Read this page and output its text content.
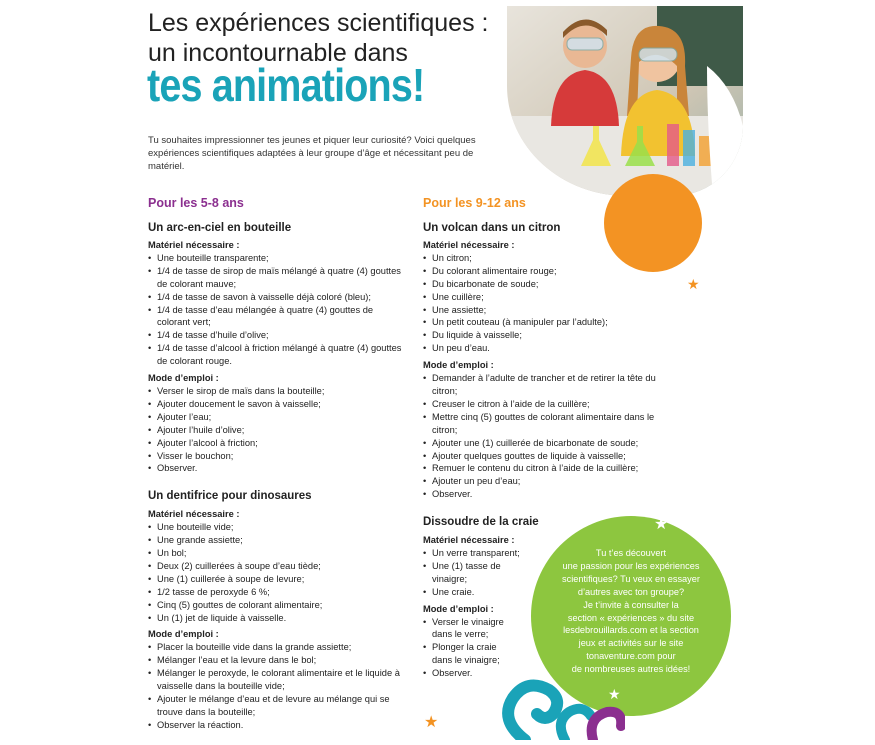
Les expériences scientifiques :
un incontournable dans
tes animations!
Tu souhaites impressionner tes jeunes et piquer leur curiosité? Voici quelques expériences scientifiques adaptées à leur groupe d’âge et nécessitant peu de matériel.
★
★
★
★
Pour les 5-8 ans
Un arc-en-ciel en bouteille
Matériel nécessaire :
• Une bouteille transparente;
• 1/4 de tasse de sirop de maïs mélangé à quatre (4) gouttes de colorant mauve;
• 1/4 de tasse de savon à vaisselle déjà coloré (bleu);
• 1/4 de tasse d’eau mélangée à quatre (4) gouttes de colorant vert;
• 1/4 de tasse d’huile d’olive;
• 1/4 de tasse d’alcool à friction mélangé à quatre (4) gouttes de colorant rouge.
Mode d’emploi :
• Verser le sirop de maïs dans la bouteille;
• Ajouter doucement le savon à vaisselle;
• Ajouter l’eau;
• Ajouter l’huile d’olive;
• Ajouter l’alcool à friction;
• Visser le bouchon;
• Observer.
Un dentifrice pour dinosaures
Matériel nécessaire :
• Une bouteille vide;
• Une grande assiette;
• Un bol;
• Deux (2) cuillerées à soupe d’eau tiède;
• Une (1) cuillerée à soupe de levure;
• 1/2 tasse de peroxyde 6 %;
• Cinq (5) gouttes de colorant alimentaire;
• Un (1) jet de liquide à vaisselle.
Mode d’emploi :
• Placer la bouteille vide dans la grande assiette;
• Mélanger l’eau et la levure dans le bol;
• Mélanger le peroxyde, le colorant alimentaire et le liquide à vaisselle dans la bouteille vide;
• Ajouter le mélange d’eau et de levure au mélange qui se trouve dans la bouteille;
• Observer la réaction.
Pour les 9-12 ans
Un volcan dans un citron
Matériel nécessaire :
• Un citron;
• Du colorant alimentaire rouge;
• Du bicarbonate de soude;
• Une cuillère;
• Une assiette;
• Un petit couteau (à manipuler par l’adulte);
• Du liquide à vaisselle;
• Un peu d’eau.
Mode d’emploi :
• Demander à l’adulte de trancher et de retirer la tête du citron;
• Creuser le citron à l’aide de la cuillère;
• Mettre cinq (5) gouttes de colorant alimentaire dans le citron;
• Ajouter une (1) cuillerée de bicarbonate de soude;
• Ajouter quelques gouttes de liquide à vaisselle;
• Remuer le contenu du citron à l’aide de la cuillère;
• Ajouter un peu d’eau;
• Observer.
Dissoudre de la craie
Matériel nécessaire :
• Un verre transparent;
• Une (1) tasse de vinaigre;
• Une craie.
Mode d’emploi :
• Verser le vinaigre dans le verre;
• Plonger la craie dans le vinaigre;
• Observer.
Tu t’es découvert
une passion pour les expériences
scientifiques? Tu veux en essayer
d’autres avec ton groupe?
Je t’invite à consulter la
section « expériences » du site
lesdebrouillards.com et la section
jeux et activités sur le site
tonaventure.com pour
de nombreuses autres idées!
